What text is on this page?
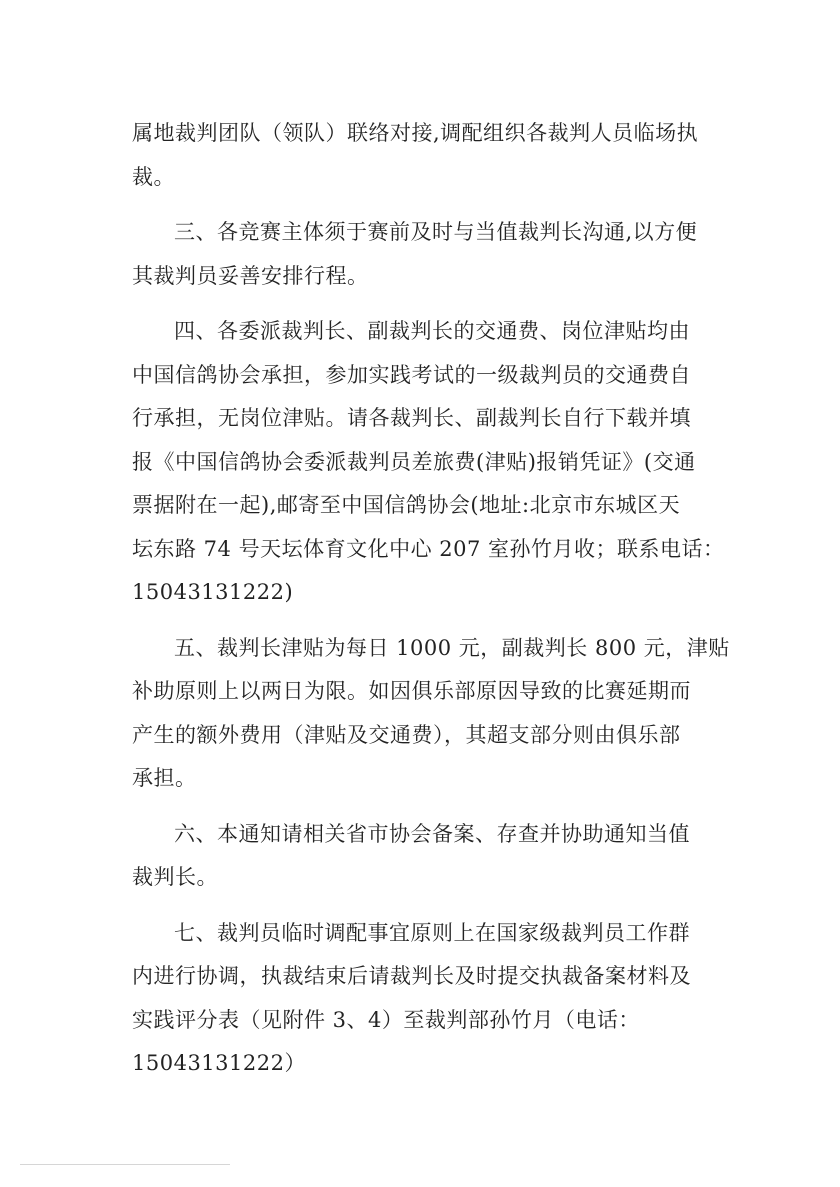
属地裁判团队（领队）联络对接,调配组织各裁判人员临场执
裁。

三、各竞赛主体须于赛前及时与当值裁判长沟通,以方便
其裁判员妥善安排行程。

四、各委派裁判长、副裁判长的交通费、岗位津贴均由
中国信鸽协会承担，参加实践考试的一级裁判员的交通费自
行承担，无岗位津贴。请各裁判长、副裁判长自行下载并填
报《中国信鸽协会委派裁判员差旅费(津贴)报销凭证》(交通
票据附在一起),邮寄至中国信鸽协会(地址:北京市东城区天
坛东路 74 号天坛体育文化中心 207 室孙竹月收；联系电话：
15043131222)

五、裁判长津贴为每日 1000 元，副裁判长 800 元，津贴
补助原则上以两日为限。如因俱乐部原因导致的比赛延期而
产生的额外费用（津贴及交通费），其超支部分则由俱乐部
承担。

六、本通知请相关省市协会备案、存查并协助通知当值
裁判长。

七、裁判员临时调配事宜原则上在国家级裁判员工作群
内进行协调，执裁结束后请裁判长及时提交执裁备案材料及
实践评分表（见附件 3、4）至裁判部孙竹月（电话：
15043131222）
